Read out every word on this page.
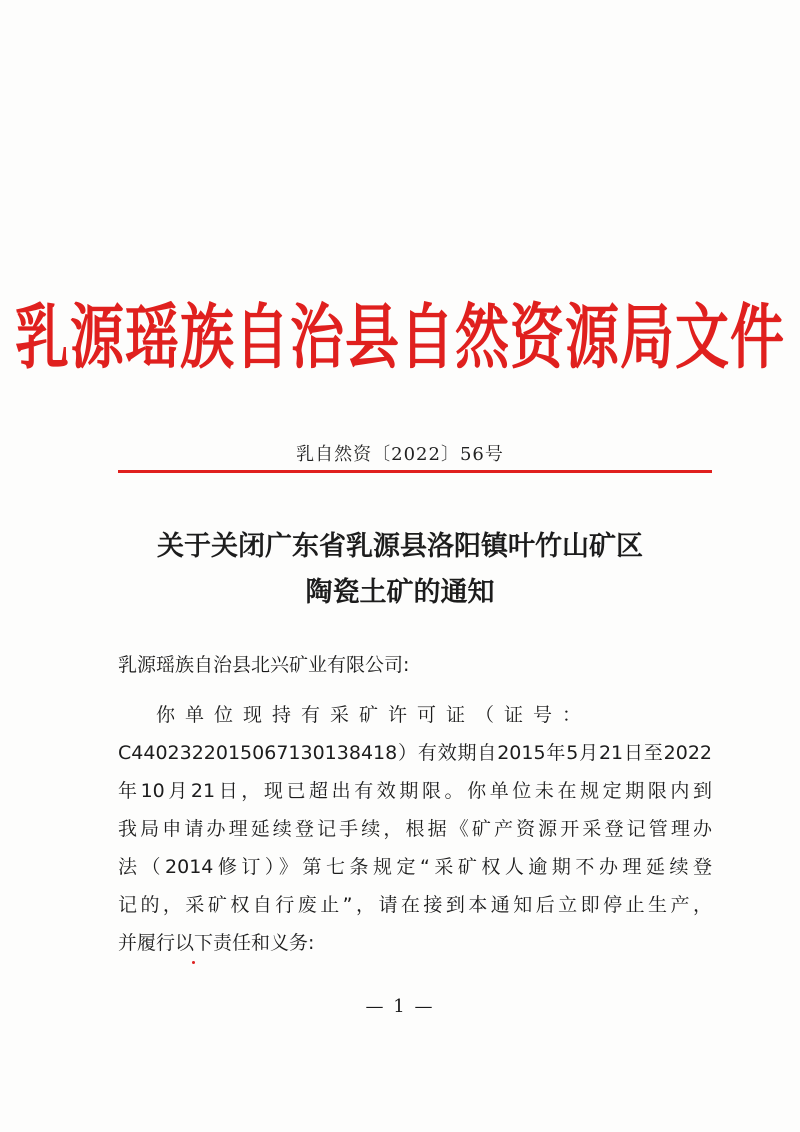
乳源瑶族自治县自然资源局文件
乳自然资〔2022〕56号
关于关闭广东省乳源县洛阳镇叶竹山矿区
陶瓷土矿的通知
乳源瑶族自治县北兴矿业有限公司:
你单位现持有采矿许可证（证号：
C4402322015067130138418）有效期自2015年5月21日至2022
年10月21日，现已超出有效期限。你单位未在规定期限内到
我局申请办理延续登记手续，根据《矿产资源开采登记管理办
法（2014修订）》第七条规定“采矿权人逾期不办理延续登
记的，采矿权自行废止”，请在接到本通知后立即停止生产，
并履行以下责任和义务:
— 1 —
